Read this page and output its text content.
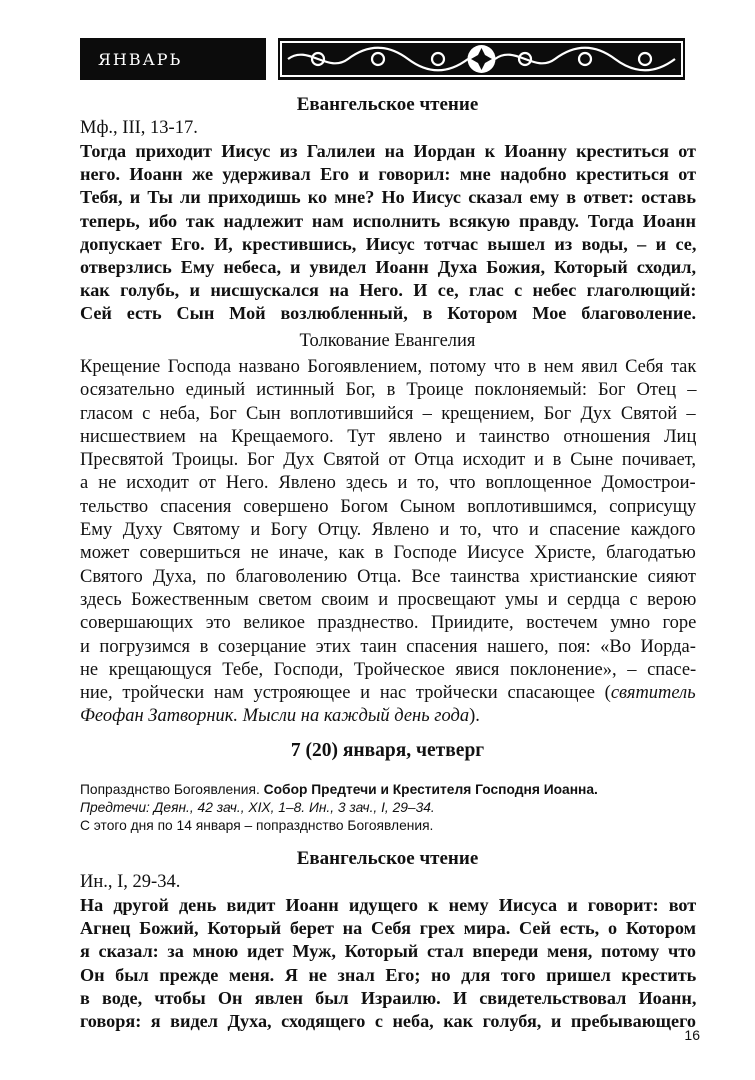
ЯНВАРЬ
Евангельское чтение
Мф., III, 13-17.
Тогда приходит Иисус из Галилеи на Иордан к Иоанну креститься от
него. Иоанн же удерживал Его и говорил: мне надобно креститься от
Тебя, и Ты ли приходишь ко мне? Но Иисус сказал ему в ответ: оставь
теперь, ибо так надлежит нам исполнить всякую правду. Тогда Иоанн
допускает Его. И, крестившись, Иисус тотчас вышел из воды, – и се,
отверзлись Ему небеса, и увидел Иоанн Духа Божия, Который сходил,
как голубь, и нисшускался на Него. И се, глас с небес глаголющий:
Сей есть Сын Мой возлюбленный, в Котором Мое благоволение.
Толкование Евангелия
Крещение Господа названо Богоявлением, потому что в нем явил Себя так
осязательно единый истинный Бог, в Троице поклоняемый: Бог Отец –
гласом с неба, Бог Сын воплотившийся – крещением, Бог Дух Святой –
нисшествием на Крещаемого. Тут явлено и таинство отношения Лиц
Пресвятой Троицы. Бог Дух Святой от Отца исходит и в Сыне почивает,
а не исходит от Него. Явлено здесь и то, что воплощенное Домострои-
тельство спасения совершено Богом Сыном воплотившимся, соприсущу
Ему Духу Святому и Богу Отцу. Явлено и то, что и спасение каждого
может совершиться не иначе, как в Господе Иисусе Христе, благодатью
Святого Духа, по благоволению Отца. Все таинства христианские сияют
здесь Божественным светом своим и просвещают умы и сердца с верою
совершающих это великое празднество. Приидите, востечем умно горе
и погрузимся в созерцание этих таин спасения нашего, поя: «Во Иорда-
не крещающуся Тебе, Господи, Тройческое явися поклонение», – спасе-
ние, тройчески нам устрояющее и нас тройчески спасающее (святитель
Феофан Затворник. Мысли на каждый день года).
7 (20) января, четверг
Попразднство Богоявления. Собор Предтечи и Крестителя Господня Иоанна.
Предтечи: Деян., 42 зач., XIX, 1–8. Ин., 3 зач., I, 29–34.
С этого дня по 14 января – попразднство Богоявления.
Евангельское чтение
Ин., I, 29-34.
На другой день видит Иоанн идущего к нему Иисуса и говорит: вот
Агнец Божий, Который берет на Себя грех мира. Сей есть, о Котором
я сказал: за мною идет Муж, Который стал впереди меня, потому что
Он был прежде меня. Я не знал Его; но для того пришел крестить
в воде, чтобы Он явлен был Израилю. И свидетельствовал Иоанн,
говоря: я видел Духа, сходящего с неба, как голубя, и пребывающего
16
